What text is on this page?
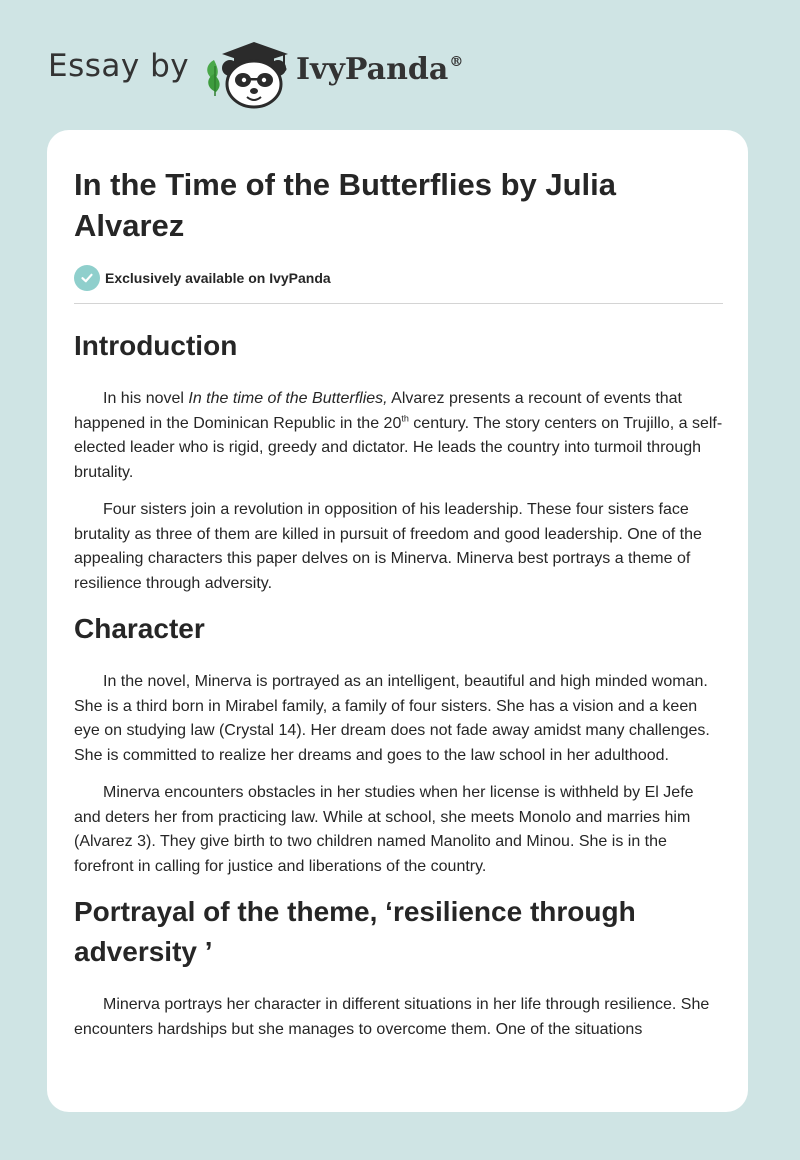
Essay by	IvyPanda®
In the Time of the Butterflies by Julia Alvarez
Exclusively available on IvyPanda
Introduction

In his novel In the time of the Butterflies, Alvarez presents a recount of events that happened in the Dominican Republic in the 20th century. The story centers on Trujillo, a self-elected leader who is rigid, greedy and dictator. He leads the country into turmoil through brutality.

Four sisters join a revolution in opposition of his leadership. These four sisters face brutality as three of them are killed in pursuit of freedom and good leadership. One of the appealing characters this paper delves on is Minerva. Minerva best portrays a theme of resilience through adversity.

Character

In the novel, Minerva is portrayed as an intelligent, beautiful and high minded woman. She is a third born in Mirabel family, a family of four sisters. She has a vision and a keen eye on studying law (Crystal 14). Her dream does not fade away amidst many challenges. She is committed to realize her dreams and goes to the law school in her adulthood.

Minerva encounters obstacles in her studies when her license is withheld by El Jefe and deters her from practicing law. While at school, she meets Monolo and marries him (Alvarez 3). They give birth to two children named Manolito and Minou. She is in the forefront in calling for justice and liberations of the country.

Portrayal of the theme, ‘resilience through adversity ’

Minerva portrays her character in different situations in her life through resilience. She encounters hardships but she manages to overcome them. One of the situations
